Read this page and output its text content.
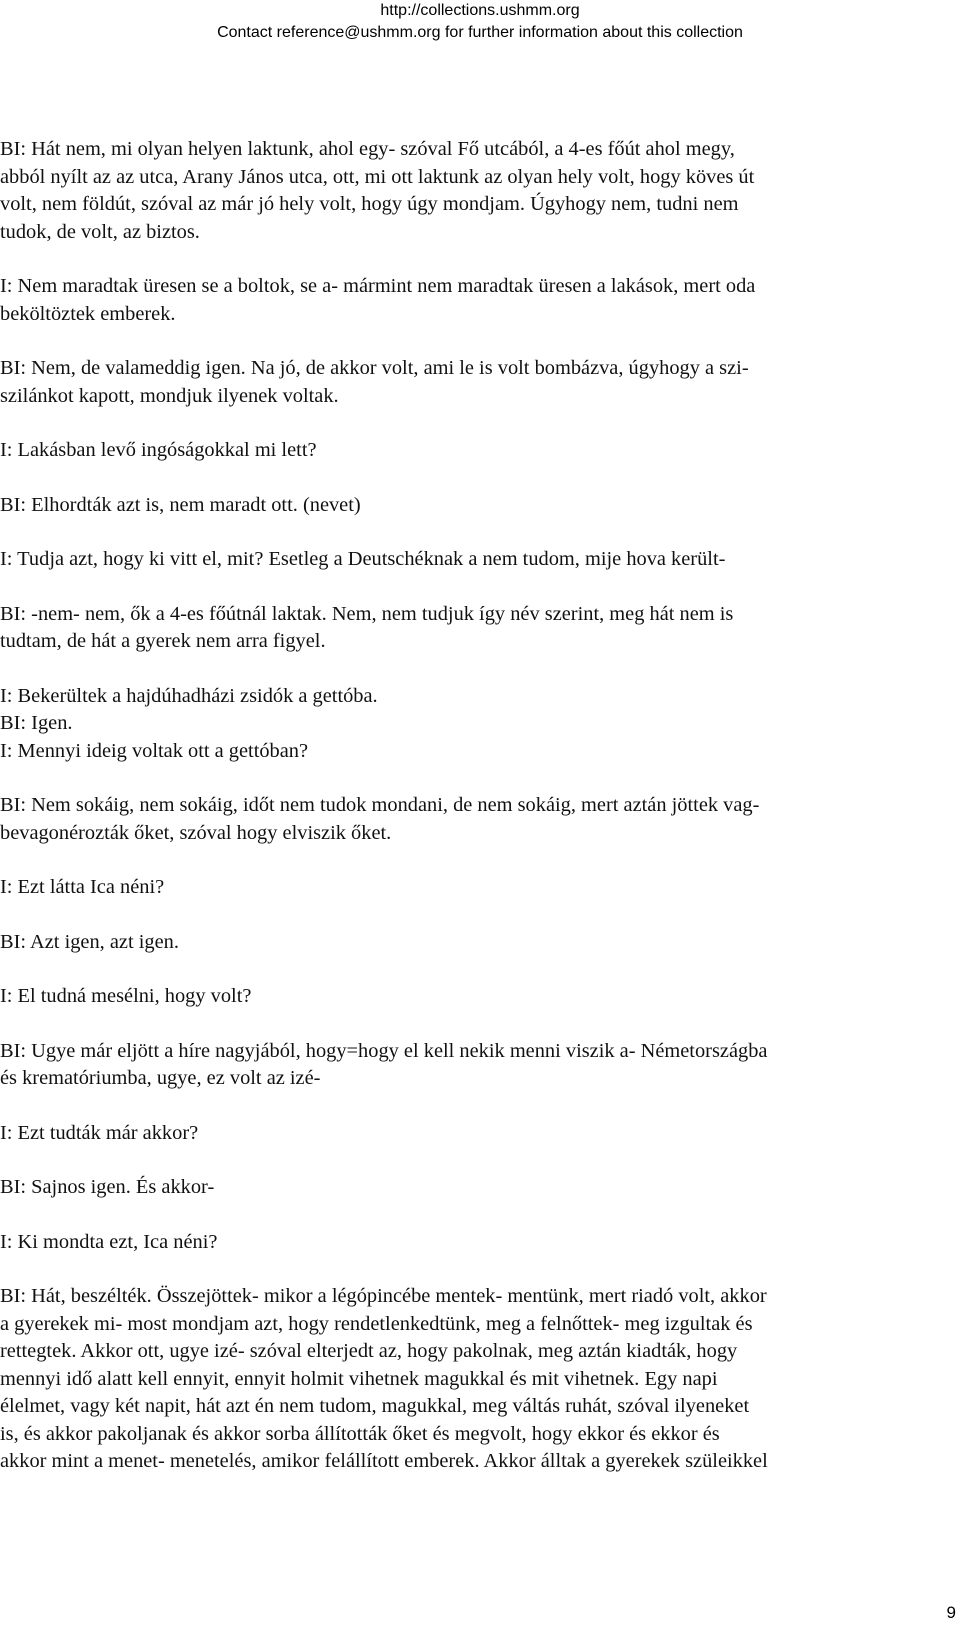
http://collections.ushmm.org
Contact reference@ushmm.org for further information about this collection
BI: Hát nem, mi olyan helyen laktunk, ahol egy- szóval Fő utcából, a 4-es főút ahol megy,
abból nyílt az az utca, Arany János utca, ott, mi ott laktunk az olyan hely volt, hogy köves út
volt, nem földút, szóval az már jó hely volt, hogy úgy mondjam. Úgyhogy nem, tudni nem
tudok, de volt, az biztos.
I: Nem maradtak üresen se a boltok, se a- mármint nem maradtak üresen a lakások, mert oda
beköltöztek emberek.
BI: Nem, de valameddig igen. Na jó, de akkor volt, ami le is volt bombázva, úgyhogy a szi-
szilánkot kapott, mondjuk ilyenek voltak.
I: Lakásban levő ingóságokkal mi lett?
BI: Elhordták azt is, nem maradt ott. (nevet)
I: Tudja azt, hogy ki vitt el, mit? Esetleg a Deutschéknak a nem tudom, mije hova került-
BI: -nem- nem, ők a 4-es főútnál laktak. Nem, nem tudjuk így név szerint, meg hát nem is
tudtam, de hát a gyerek nem arra figyel.
I: Bekerültek a hajdúhadházi zsidók a gettóba.
BI: Igen.
I: Mennyi ideig voltak ott a gettóban?
BI: Nem sokáig, nem sokáig, időt nem tudok mondani, de nem sokáig, mert aztán jöttek vag-
bevagonérozták őket, szóval hogy elviszik őket.
I: Ezt látta Ica néni?
BI: Azt igen, azt igen.
I: El tudná mesélni, hogy volt?
BI: Ugye már eljött a híre nagyjából, hogy=hogy el kell nekik menni viszik a- Németországba
és krematóriumba, ugye, ez volt az izé-
I: Ezt tudták már akkor?
BI: Sajnos igen. És akkor-
I: Ki mondta ezt, Ica néni?
BI: Hát, beszélték. Összejöttek- mikor a légópincébe mentek- mentünk, mert riadó volt, akkor
a gyerekek mi- most mondjam azt, hogy rendetlenkedtünk, meg a felnőttek- meg izgultak és
rettegtek. Akkor ott, ugye izé- szóval elterjedt az, hogy pakolnak, meg aztán kiadták, hogy
mennyi idő alatt kell ennyit, ennyit holmit vihetnek magukkal és mit vihetnek. Egy napi
élelmet, vagy két napit, hát azt én nem tudom, magukkal, meg váltás ruhát, szóval ilyeneket
is, és akkor pakoljanak és akkor sorba állították őket és megvolt, hogy ekkor és ekkor és
akkor mint a menet- menetelés, amikor felállított emberek. Akkor álltak a gyerekek szüleikkel
9
